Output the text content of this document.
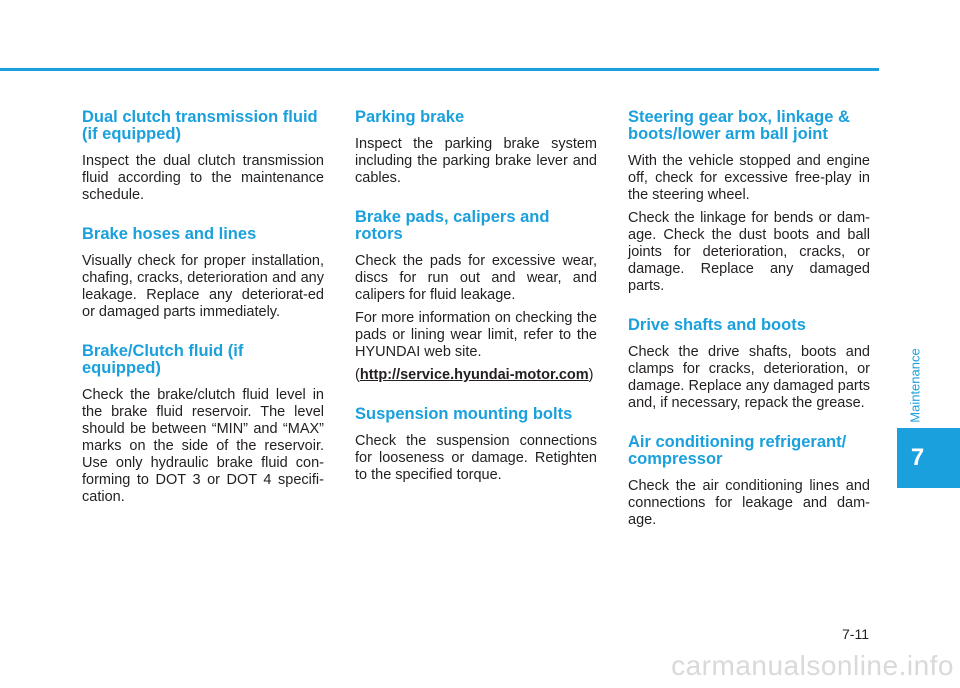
Dual clutch transmission fluid (if equipped)

Inspect the dual clutch transmission fluid according to the maintenance schedule.

Brake hoses and lines

Visually check for proper installation, chafing, cracks, deterioration and any leakage. Replace any deteriorat-ed or damaged parts immediately.

Brake/Clutch fluid (if equipped)

Check the brake/clutch fluid level in the brake fluid reservoir. The level should be between “MIN” and “MAX” marks on the side of the reservoir. Use only hydraulic brake fluid con-forming to DOT 3 or DOT 4 specifi-cation.

Parking brake

Inspect the parking brake system including the parking brake lever and cables.

Brake pads, calipers and rotors

Check the pads for excessive wear, discs for run out and wear, and calipers for fluid leakage.

For more information on checking the pads or lining wear limit, refer to the HYUNDAI web site.

(http://service.hyundai-motor.com)

Suspension mounting bolts

Check the suspension connections for looseness or damage. Retighten to the specified torque.

Steering gear box, linkage & boots/lower arm ball joint

With the vehicle stopped and engine off, check for excessive free-play in the steering wheel.

Check the linkage for bends or dam-age. Check the dust boots and ball joints for deterioration, cracks, or damage. Replace any damaged parts.

Drive shafts and boots

Check the drive shafts, boots and clamps for cracks, deterioration, or damage. Replace any damaged parts and, if necessary, repack the grease.

Air conditioning refrigerant/ compressor

Check the air conditioning lines and connections for leakage and dam-age.

Maintenance
7
7-11
carmanualsonline.info
